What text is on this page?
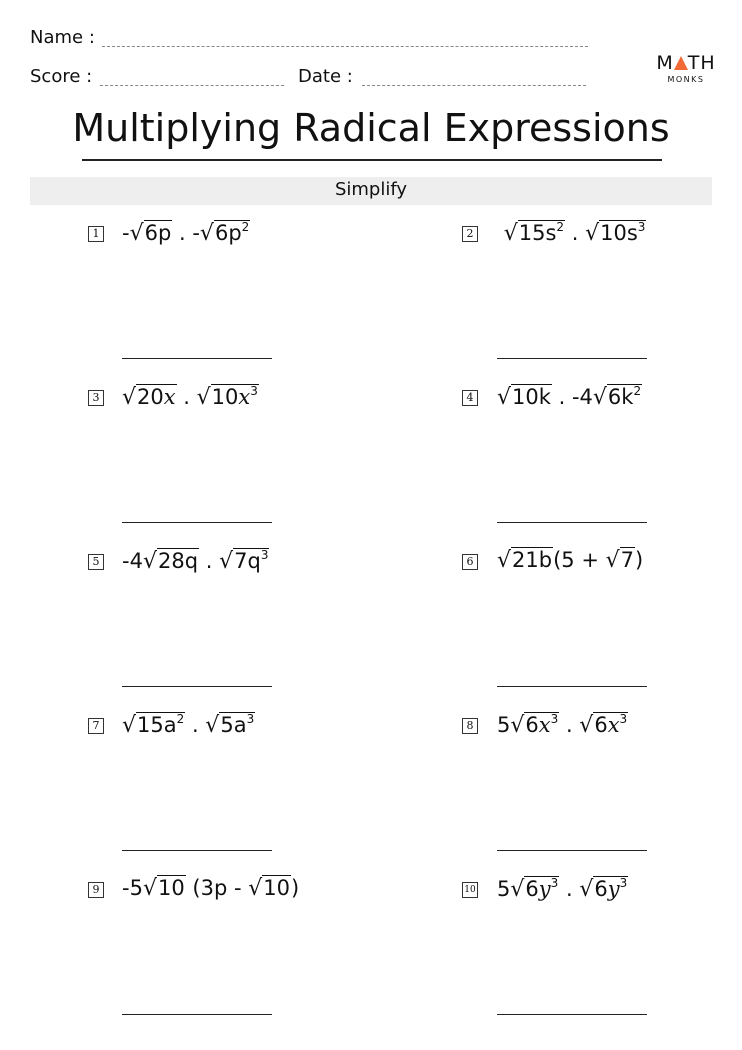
Name :
Score :	Date :
M TH
MONKS
Multiplying Radical Expressions
Simplify
1 -√6p . $-√6p^2$	2	$√15s^2$ . $√10s^3$
3 √20x . $√10x^3$	4 √10k . $-4√6k^2$
5 -4√28q . $√7q^3$	6 √21b(5 + √7)
7 $√15a^2$ . $√5a^3$	8 $5√6x^3$ . $√6x^3$
9 -5√10 (3p - √10)	10 $5√6y^3$ . $√6y^3$
